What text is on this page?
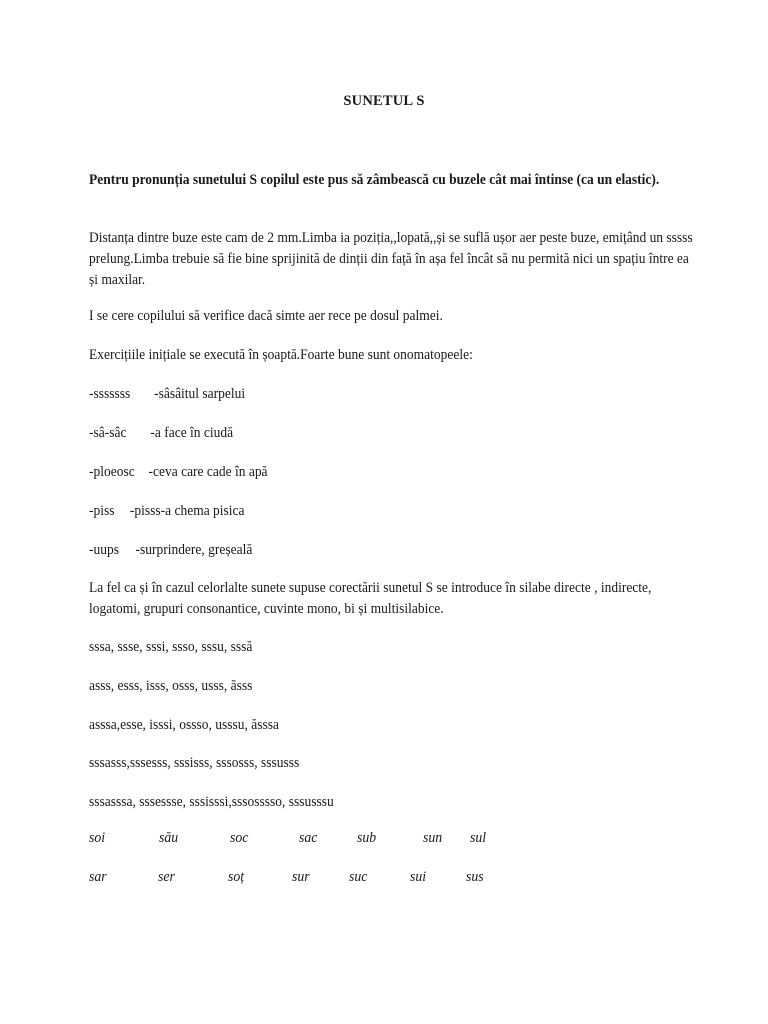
SUNETUL S
Pentru pronunția sunetului S copilul este pus să zâmbească cu buzele cât mai întinse (ca un elastic).
Distanța dintre buze este cam de 2 mm.Limba ia poziția,,lopată,,și se suflă ușor aer peste buze, emițând un sssss prelung.Limba trebuie să fie bine sprijinită de dinții din față în așa fel încât să nu permită nici un spațiu între ea și maxilar.
I se cere copilului să verifice dacă simte aer rece pe dosul palmei.
Exercițiile inițiale se execută în șoaptă.Foarte bune sunt onomatopeele:
-sssssss -sâsâitul sarpelui
-sâ-sâc -a face în ciudă
-ploeosc -ceva care cade în apă
-piss -pisss-a chema pisica
-uups -surprindere, greșeală
La fel ca și în cazul celorlalte sunete supuse corectării sunetul S se introduce în silabe directe , indirecte, logatomi, grupuri consonantice, cuvinte mono, bi și multisilabice.
sssa, ssse, sssi, ssso, sssu, sssă
asss, esss, isss, osss, usss, ăsss
asssa,esse, isssi, ossso, usssu, ăsssa
sssasss,sssesss, sssisss, sssosss, sssusss
sssasssa, sssessse, sssisssi,sssosssso, sssusssu
soi	său	soc	sac	sub	sun sul
sar	ser	soț	sur	suc	sui	sus
